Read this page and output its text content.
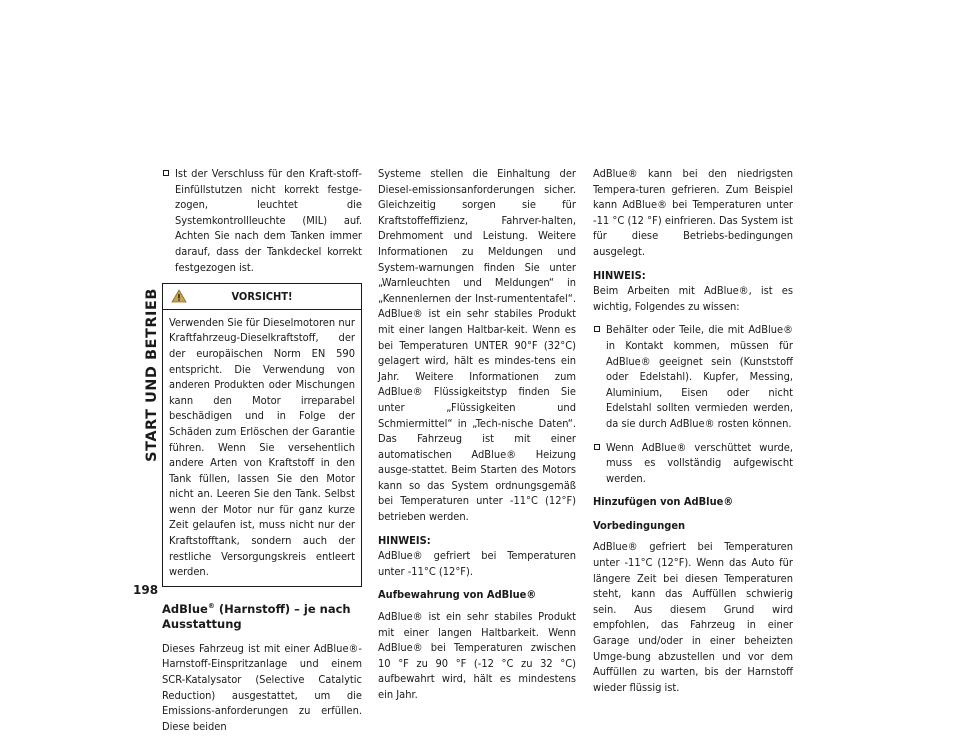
START UND BETRIEB
198
Ist der Verschluss für den Kraft-stoff-Einfüllstutzen nicht korrekt festge-zogen, leuchtet die Systemkontrollleuchte (MIL) auf. Achten Sie nach dem Tanken immer darauf, dass der Tankdeckel korrekt festgezogen ist.
VORSICHT!
Verwenden Sie für Dieselmotoren nur Kraftfahrzeug-Dieselkraftstoff, der der europäischen Norm EN 590 entspricht. Die Verwendung von anderen Produkten oder Mischungen kann den Motor irreparabel beschädigen und in Folge der Schäden zum Erlöschen der Garantie führen. Wenn Sie versehentlich andere Arten von Kraftstoff in den Tank füllen, lassen Sie den Motor nicht an. Leeren Sie den Tank. Selbst wenn der Motor nur für ganz kurze Zeit gelaufen ist, muss nicht nur der Kraftstofftank, sondern auch der restliche Versorgungskreis entleert werden.
AdBlue® (Harnstoff) – je nach Ausstattung

Dieses Fahrzeug ist mit einer AdBlue®-Harnstoff-Einspritzanlage und einem SCR-Katalysator (Selective Catalytic Reduction) ausgestattet, um die Emissions-anforderungen zu erfüllen. Diese beiden

Systeme stellen die Einhaltung der Diesel-emissionsanforderungen sicher. Gleichzeitig sorgen sie für Kraftstoffeffizienz, Fahrver-halten, Drehmoment und Leistung. Weitere Informationen zu Meldungen und System-warnungen finden Sie unter „Warnleuchten und Meldungen“ in „Kennenlernen der Inst-rumententafel“. AdBlue® ist ein sehr stabiles Produkt mit einer langen Haltbar-keit. Wenn es bei Temperaturen UNTER 90°F (32°C) gelagert wird, hält es mindes-tens ein Jahr. Weitere Informationen zum AdBlue® Flüssigkeitstyp finden Sie unter „Flüssigkeiten und Schmiermittel“ in „Tech-nische Daten“. Das Fahrzeug ist mit einer automatischen AdBlue® Heizung ausge-stattet. Beim Starten des Motors kann so das System ordnungsgemäß bei Temperaturen unter -11°C (12°F) betrieben werden.

HINWEIS:

AdBlue® gefriert bei Temperaturen unter -11°C (12°F).

Aufbewahrung von AdBlue®

AdBlue® ist ein sehr stabiles Produkt mit einer langen Haltbarkeit. Wenn AdBlue® bei Temperaturen zwischen 10 °F zu 90 °F (-12 °C zu 32 °C) aufbewahrt wird, hält es mindestens ein Jahr.

AdBlue® kann bei den niedrigsten Tempera-turen gefrieren. Zum Beispiel kann AdBlue® bei Temperaturen unter -11 °C (12 °F) einfrieren. Das System ist für diese Betriebs-bedingungen ausgelegt.

HINWEIS:

Beim Arbeiten mit AdBlue®, ist es wichtig, Folgendes zu wissen:

Behälter oder Teile, die mit AdBlue® in Kontakt kommen, müssen für AdBlue® geeignet sein (Kunststoff oder Edelstahl). Kupfer, Messing, Aluminium, Eisen oder nicht Edelstahl sollten vermieden werden, da sie durch AdBlue® rosten können.
Wenn AdBlue® verschüttet wurde, muss es vollständig aufgewischt werden.
Hinzufügen von AdBlue®
Vorbedingungen

AdBlue® gefriert bei Temperaturen unter -11°C (12°F). Wenn das Auto für längere Zeit bei diesen Temperaturen steht, kann das Auffüllen schwierig sein. Aus diesem Grund wird empfohlen, das Fahrzeug in einer Garage und/oder in einer beheizten Umge-bung abzustellen und vor dem Auffüllen zu warten, bis der Harnstoff wieder flüssig ist.
